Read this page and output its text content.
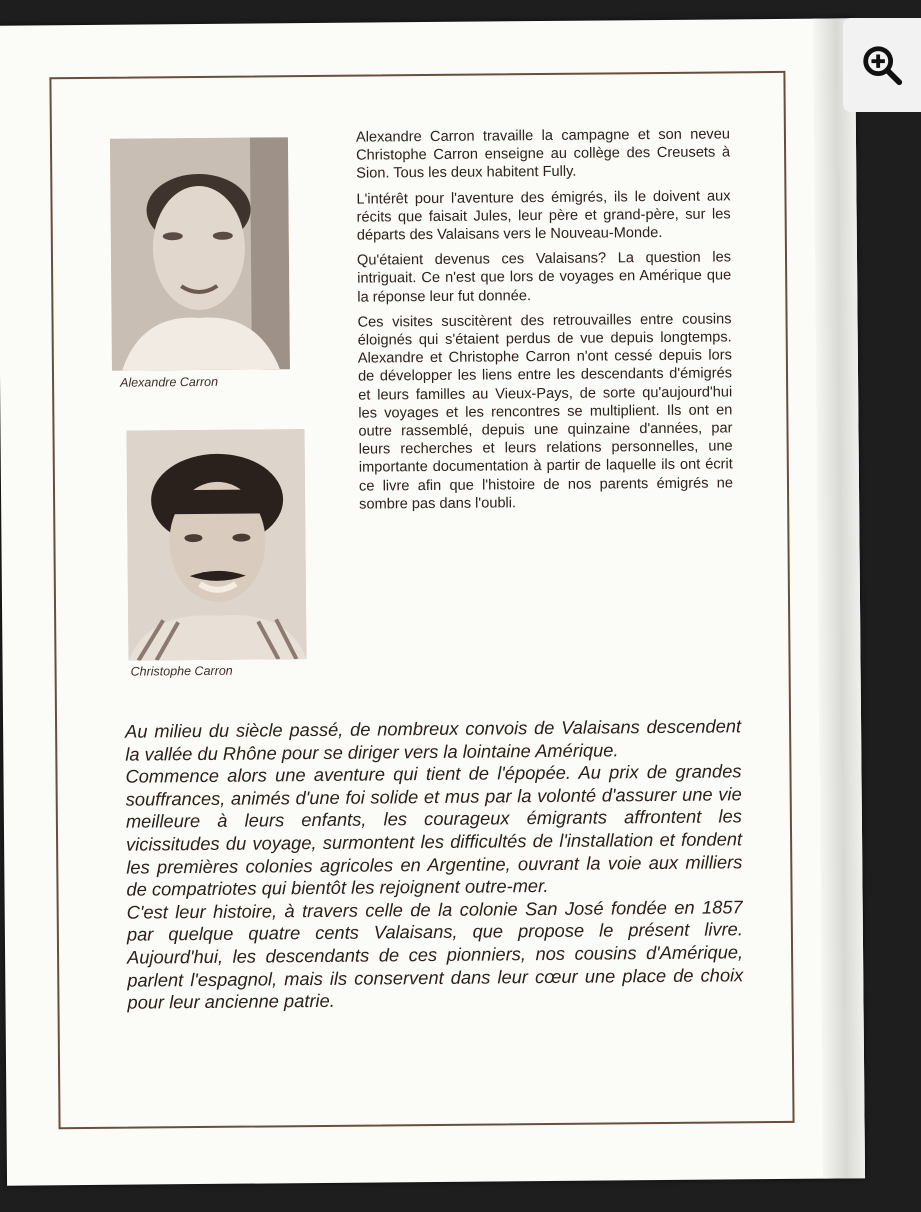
Alexandre Carron
Christophe Carron

Alexandre Carron travaille la campagne et son neveu Christophe Carron enseigne au collège des Creusets à Sion. Tous les deux habitent Fully.

L'intérêt pour l'aventure des émigrés, ils le doivent aux récits que faisait Jules, leur père et grand-père, sur les départs des Valaisans vers le Nouveau-Monde.

Qu'étaient devenus ces Valaisans? La question les intriguait. Ce n'est que lors de voyages en Amérique que la réponse leur fut donnée.

Ces visites suscitèrent des retrouvailles entre cousins éloignés qui s'étaient perdus de vue depuis longtemps. Alexandre et Christophe Carron n'ont cessé depuis lors de développer les liens entre les descendants d'émigrés et leurs familles au Vieux-Pays, de sorte qu'aujourd'hui les voyages et les rencontres se multiplient. Ils ont en outre rassemblé, depuis une quinzaine d'années, par leurs recherches et leurs relations personnelles, une importante documentation à partir de laquelle ils ont écrit ce livre afin que l'histoire de nos parents émigrés ne sombre pas dans l'oubli.

Au milieu du siècle passé, de nombreux convois de Valaisans descendent la vallée du Rhône pour se diriger vers la lointaine Amérique.

Commence alors une aventure qui tient de l'épopée. Au prix de grandes souffrances, animés d'une foi solide et mus par la volonté d'assurer une vie meilleure à leurs enfants, les courageux émigrants affrontent les vicissitudes du voyage, surmontent les difficultés de l'installation et fondent les premières colonies agricoles en Argentine, ouvrant la voie aux milliers de compatriotes qui bientôt les rejoignent outre-mer.

C'est leur histoire, à travers celle de la colonie San José fondée en 1857 par quelque quatre cents Valaisans, que propose le présent livre. Aujourd'hui, les descendants de ces pionniers, nos cousins d'Amérique, parlent l'espagnol, mais ils conservent dans leur cœur une place de choix pour leur ancienne patrie.
